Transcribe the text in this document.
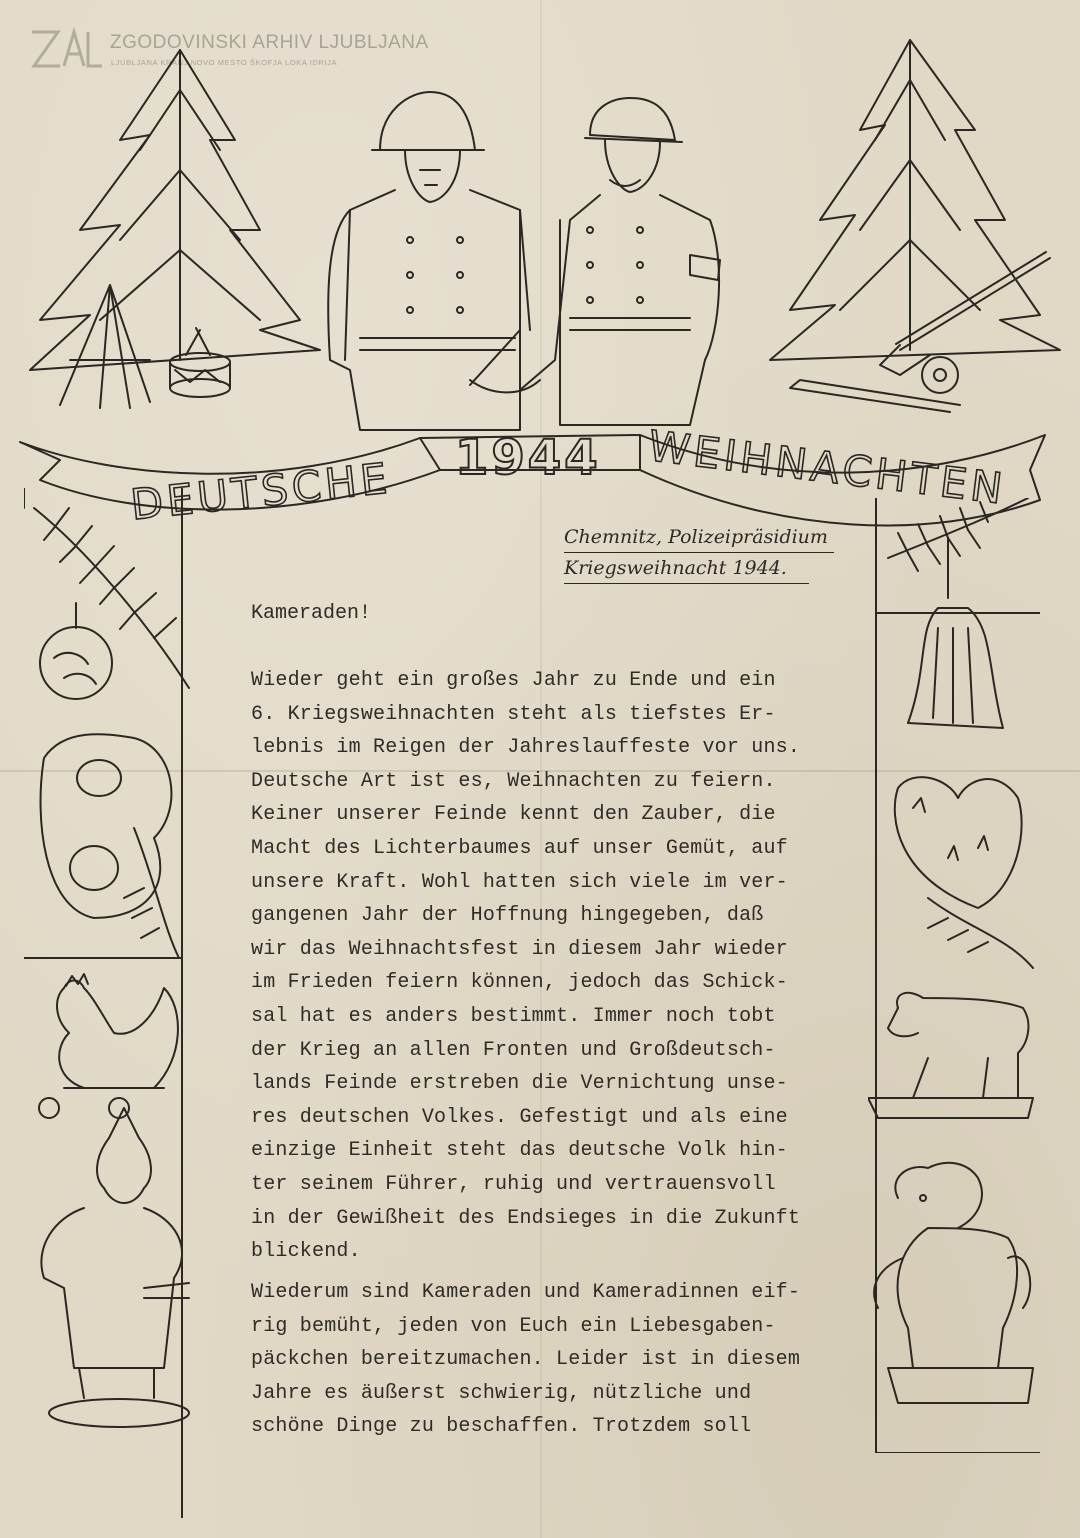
ZGODOVINSKI ARHIV LJUBLJANA
LJUBLJANA KRANJ NOVO MESTO ŠKOFJA LOKA IDRIJA
DEUTSCHE 1944 WEIHNACHTEN
Chemnitz, Polizeipräsidium
Kriegsweihnacht 1944.
Kameraden!
Wieder geht ein großes Jahr zu Ende und ein
6. Kriegsweihnachten steht als tiefstes Er-
lebnis im Reigen der Jahreslauffeste vor uns.
Deutsche Art ist es, Weihnachten zu feiern.
Keiner unserer Feinde kennt den Zauber, die
Macht des Lichterbaumes auf unser Gemüt, auf
unsere Kraft. Wohl hatten sich viele im ver-
gangenen Jahr der Hoffnung hingegeben, daß
wir das Weihnachtsfest in diesem Jahr wieder
im Frieden feiern können, jedoch das Schick-
sal hat es anders bestimmt. Immer noch tobt
der Krieg an allen Fronten und Großdeutsch-
lands Feinde erstreben die Vernichtung unse-
res deutschen Volkes. Gefestigt und als eine
einzige Einheit steht das deutsche Volk hin-
ter seinem Führer, ruhig und vertrauensvoll
in der Gewißheit des Endsieges in die Zukunft
blickend.
Wiederum sind Kameraden und Kameradinnen eif-
rig bemüht, jeden von Euch ein Liebesgaben-
päckchen bereitzumachen. Leider ist in diesem
Jahre es äußerst schwierig, nützliche und
schöne Dinge zu beschaffen. Trotzdem soll
